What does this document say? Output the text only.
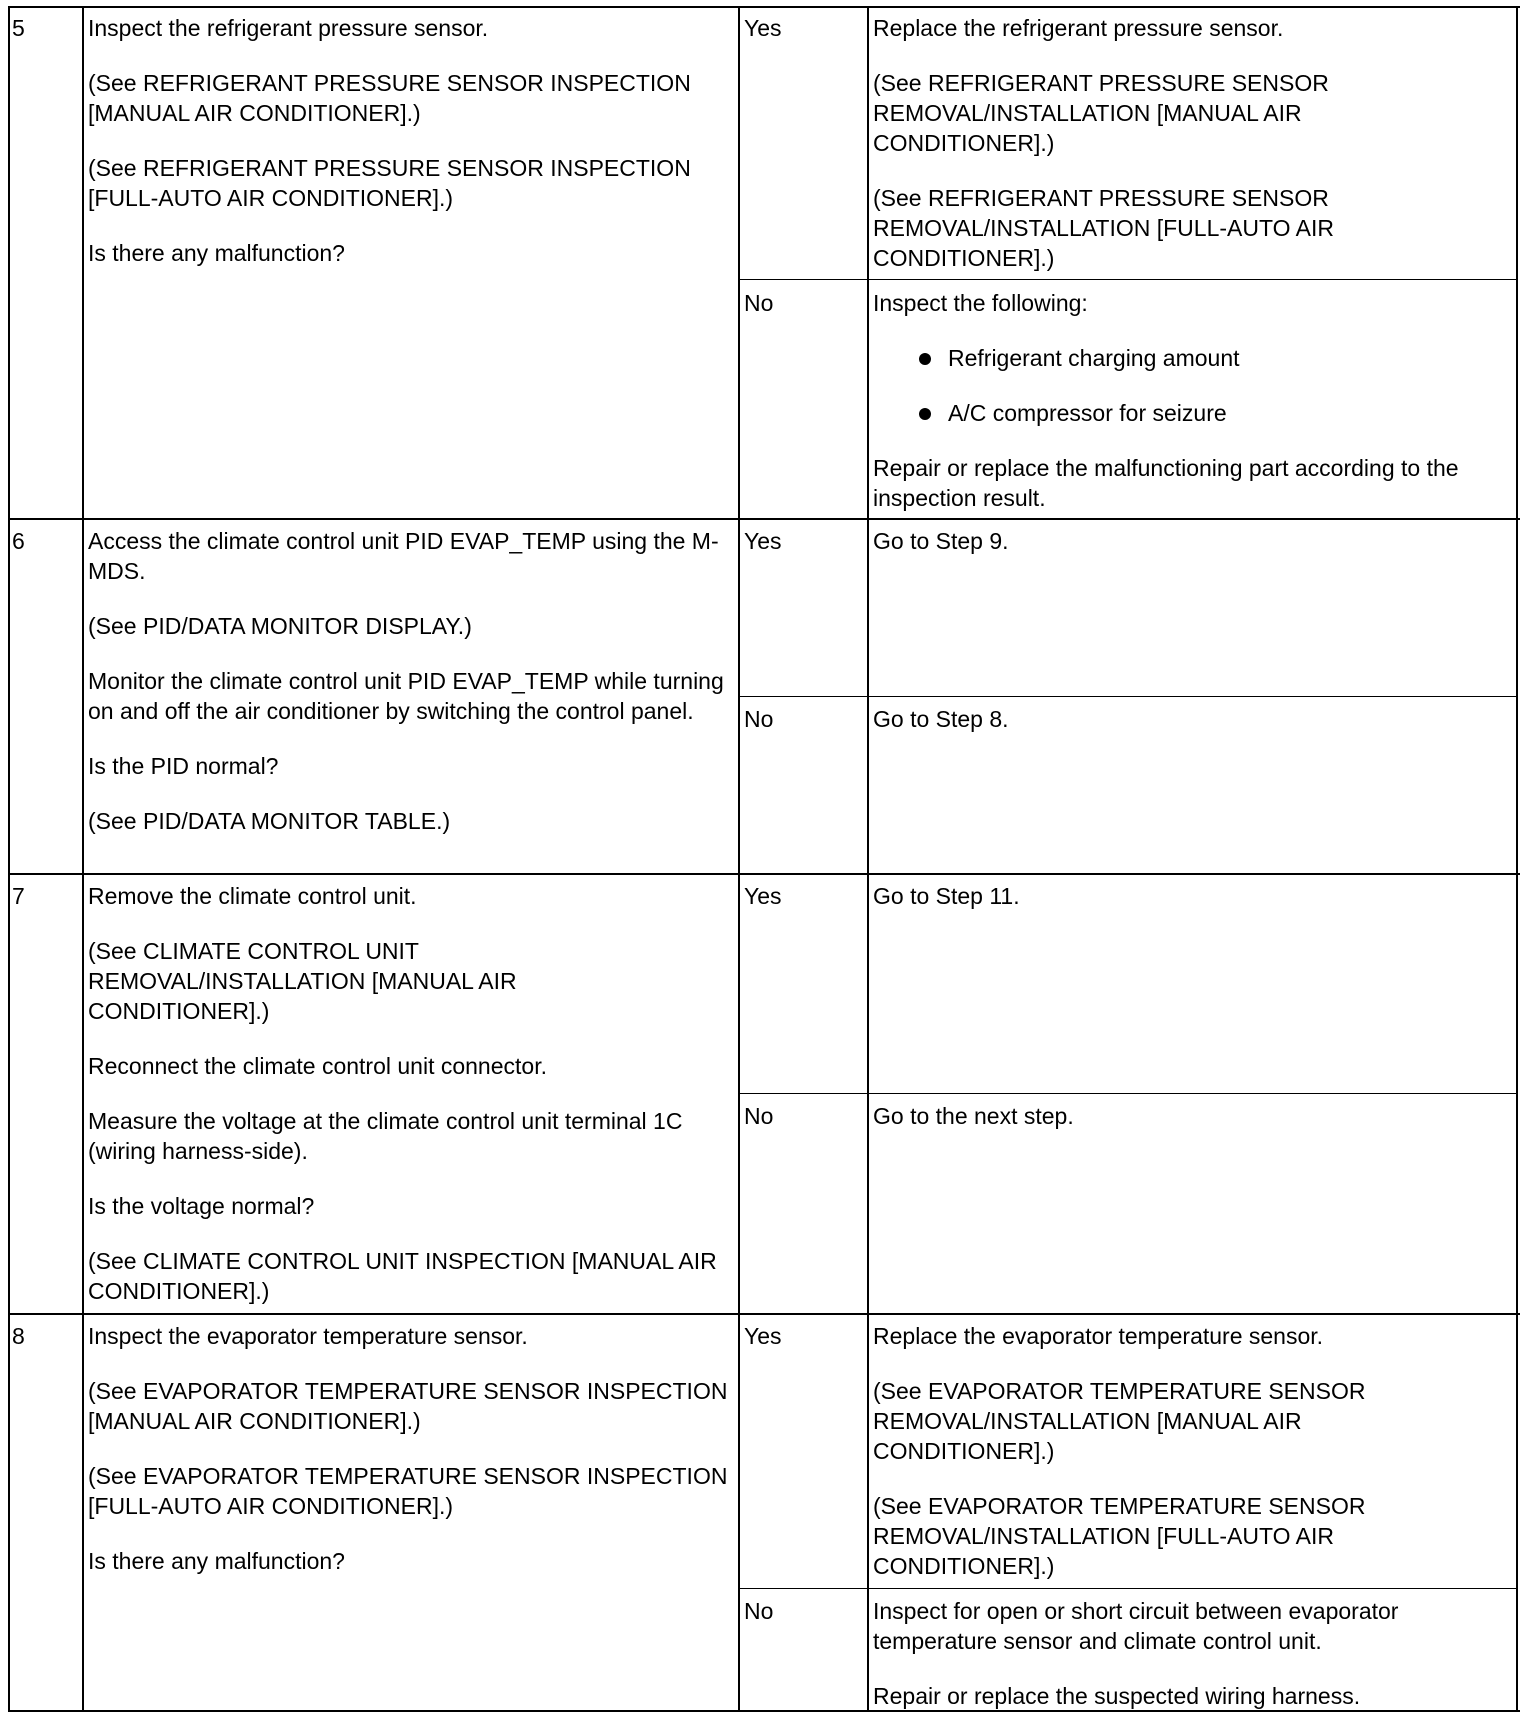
5	Inspect the refrigerant pressure sensor.

(See REFRIGERANT PRESSURE SENSOR INSPECTION [MANUAL AIR CONDITIONER].)

(See REFRIGERANT PRESSURE SENSOR INSPECTION [FULL-AUTO AIR CONDITIONER].)

Is there any malfunction?

Yes	Replace the refrigerant pressure sensor.

(See REFRIGERANT PRESSURE SENSOR REMOVAL/INSTALLATION [MANUAL AIR CONDITIONER].)

(See REFRIGERANT PRESSURE SENSOR REMOVAL/INSTALLATION [FULL-AUTO AIR CONDITIONER].)

No	Inspect the following:

Refrigerant charging amount
A/C compressor for seizure

Repair or replace the malfunctioning part according to the inspection result.

6	Access the climate control unit PID EVAP_TEMP using the M-MDS.

(See PID/DATA MONITOR DISPLAY.)

Monitor the climate control unit PID EVAP_TEMP while turning on and off the air conditioner by switching the control panel.

Is the PID normal?

(See PID/DATA MONITOR TABLE.)

Yes	Go to Step 9.

No	Go to Step 8.

7	Remove the climate control unit.

(See CLIMATE CONTROL UNIT REMOVAL/INSTALLATION [MANUAL AIR CONDITIONER].)

Reconnect the climate control unit connector.

Measure the voltage at the climate control unit terminal 1C (wiring harness-side).

Is the voltage normal?

(See CLIMATE CONTROL UNIT INSPECTION [MANUAL AIR CONDITIONER].)

Yes	Go to Step 11.

No	Go to the next step.

8	Inspect the evaporator temperature sensor.

(See EVAPORATOR TEMPERATURE SENSOR INSPECTION [MANUAL AIR CONDITIONER].)

(See EVAPORATOR TEMPERATURE SENSOR INSPECTION [FULL-AUTO AIR CONDITIONER].)

Is there any malfunction?

Yes	Replace the evaporator temperature sensor.

(See EVAPORATOR TEMPERATURE SENSOR REMOVAL/INSTALLATION [MANUAL AIR CONDITIONER].)

(See EVAPORATOR TEMPERATURE SENSOR REMOVAL/INSTALLATION [FULL-AUTO AIR CONDITIONER].)

No	Inspect for open or short circuit between evaporator temperature sensor and climate control unit.

Repair or replace the suspected wiring harness.
